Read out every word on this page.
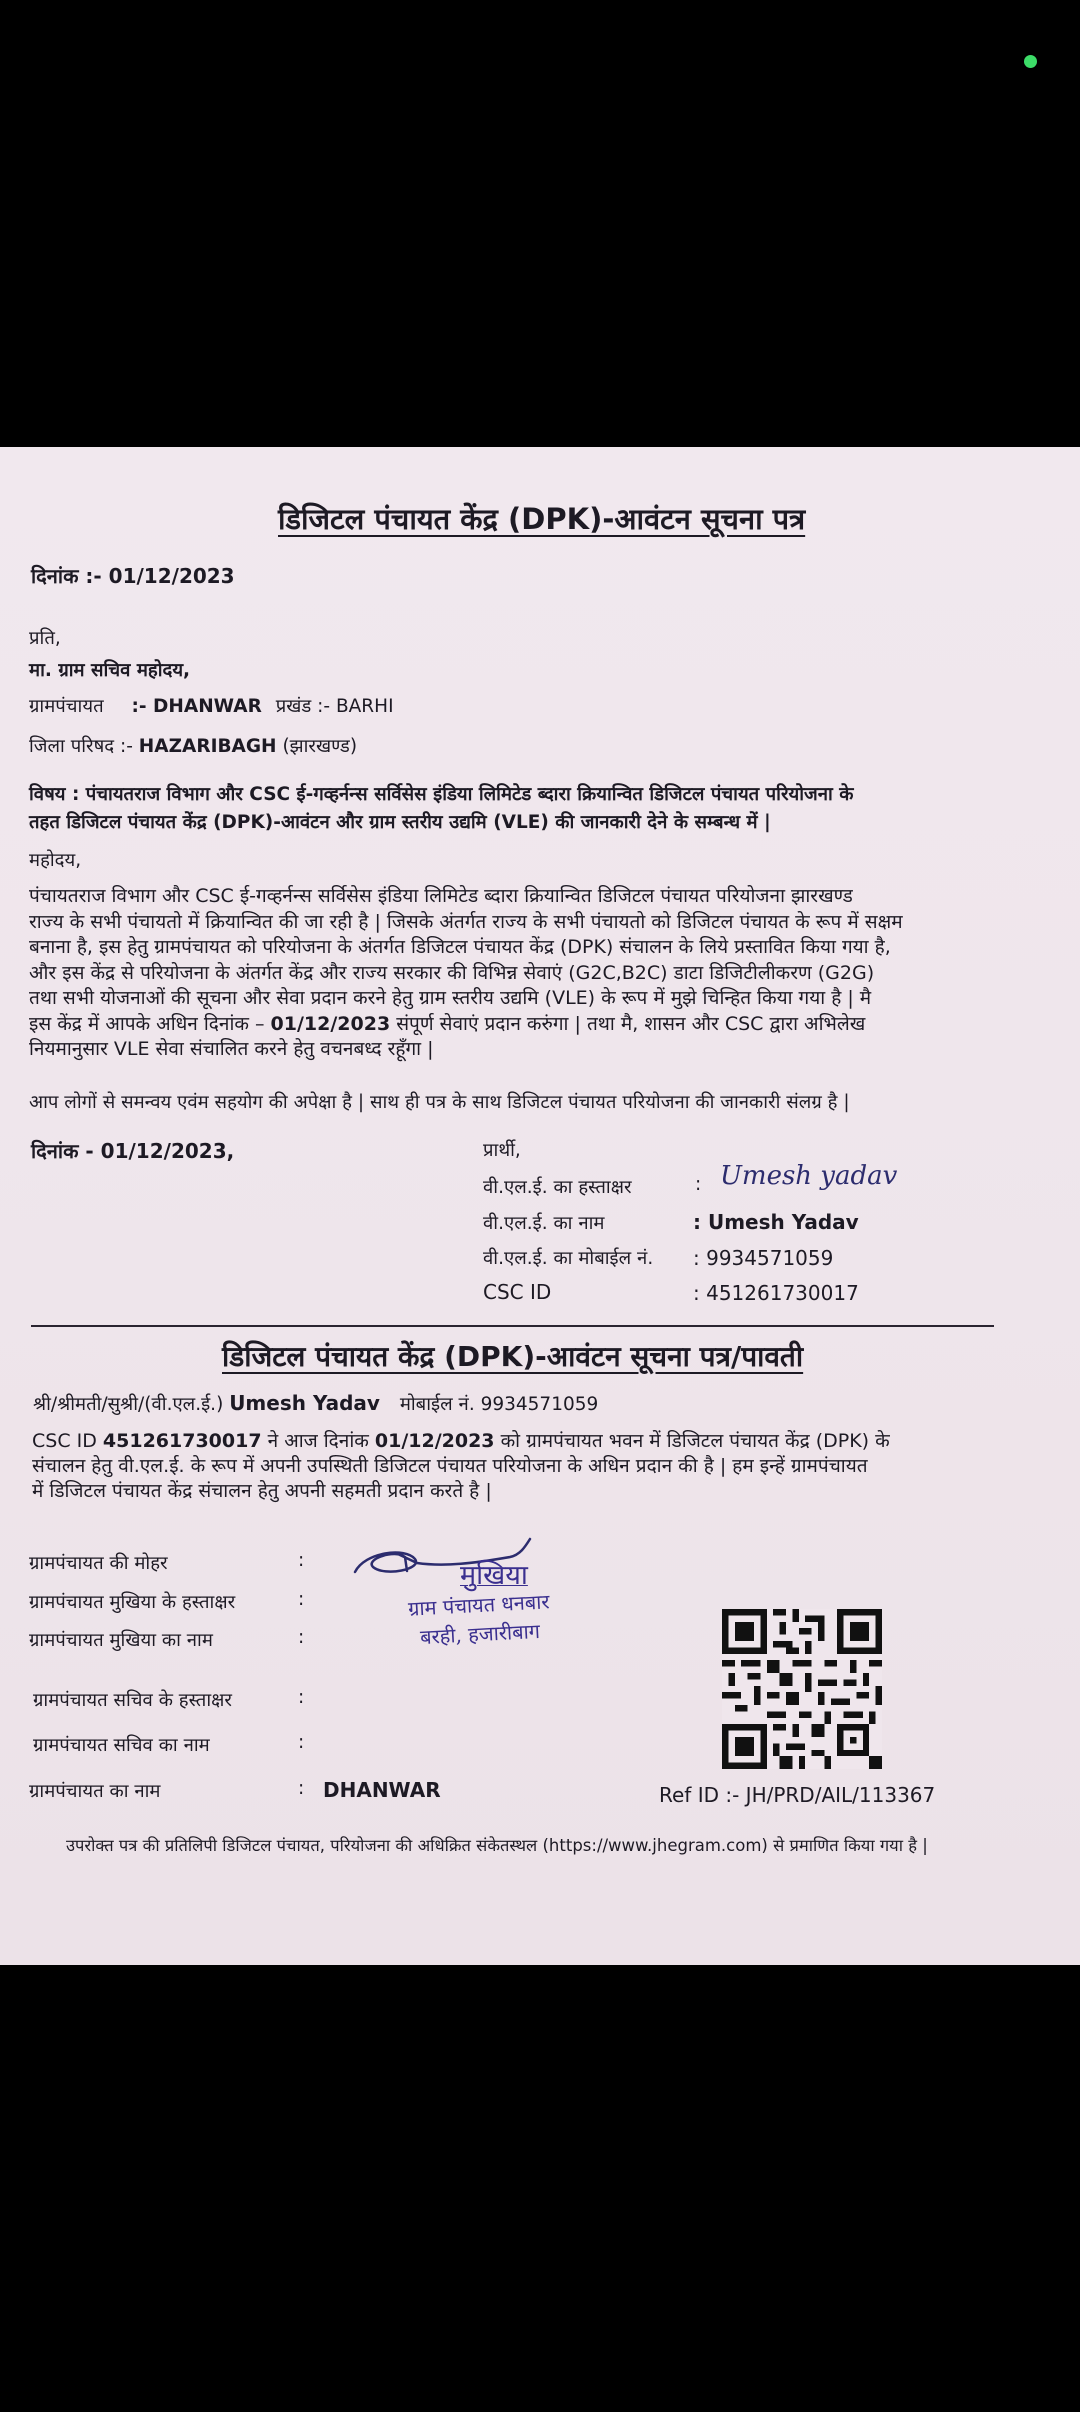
डिजिटल पंचायत केंद्र (DPK)-आवंटन सूचना पत्र
दिनांक :- 01/12/2023
प्रति,
मा. ग्राम सचिव महोदय,
ग्रामपंचायत :- DHANWAR प्रखंड :- BARHI
जिला परिषद :- HAZARIBAGH (झारखण्ड)
विषय : पंचायतराज विभाग और CSC ई-गव्हर्नन्स सर्विसेस इंडिया लिमिटेड ब्दारा क्रियान्वित डिजिटल पंचायत परियोजना के
तहत डिजिटल पंचायत केंद्र (DPK)-आवंटन और ग्राम स्तरीय उद्यमि (VLE) की जानकारी देने के सम्बन्ध में |
महोदय,
पंचायतराज विभाग और CSC ई-गव्हर्नन्स सर्विसेस इंडिया लिमिटेड ब्दारा क्रियान्वित डिजिटल पंचायत परियोजना झारखण्ड
राज्य के सभी पंचायतो में क्रियान्वित की जा रही है | जिसके अंतर्गत राज्य के सभी पंचायतो को डिजिटल पंचायत के रूप में सक्षम
बनाना है, इस हेतु ग्रामपंचायत को परियोजना के अंतर्गत डिजिटल पंचायत केंद्र (DPK) संचालन के लिये प्रस्तावित किया गया है,
और इस केंद्र से परियोजना के अंतर्गत केंद्र और राज्य सरकार की विभिन्न सेवाएं (G2C,B2C) डाटा डिजिटीलीकरण (G2G)
तथा सभी योजनाओं की सूचना और सेवा प्रदान करने हेतु ग्राम स्तरीय उद्यमि (VLE) के रूप में मुझे चिन्हित किया गया है | मै
इस केंद्र में आपके अधिन दिनांक – 01/12/2023 संपूर्ण सेवाएं प्रदान करुंगा | तथा मै, शासन और CSC द्वारा अभिलेख
नियमानुसार VLE सेवा संचालित करने हेतु वचनबध्द रहूँगा |
आप लोगों से समन्वय एवंम सहयोग की अपेक्षा है | साथ ही पत्र के साथ डिजिटल पंचायत परियोजना की जानकारी संलग्र है |
दिनांक - 01/12/2023,	प्रार्थी,
वी.एल.ई. का हस्ताक्षर	: Umesh yadav
वी.एल.ई. का नाम	: Umesh Yadav
वी.एल.ई. का मोबाईल नं. : 9934571059
CSC ID	: 451261730017
डिजिटल पंचायत केंद्र (DPK)-आवंटन सूचना पत्र/पावती
श्री/श्रीमती/सुश्री/(वी.एल.ई.) Umesh Yadav मोबाईल नं. 9934571059
CSC ID 451261730017 ने आज दिनांक 01/12/2023 को ग्रामपंचायत भवन में डिजिटल पंचायत केंद्र (DPK) के
संचालन हेतु वी.एल.ई. के रूप में अपनी उपस्थिती डिजिटल पंचायत परियोजना के अधिन प्रदान की है | हम इन्हें ग्रामपंचायत
में डिजिटल पंचायत केंद्र संचालन हेतु अपनी सहमती प्रदान करते है |
ग्रामपंचायत की मोहर	:
ग्रामपंचायत मुखिया के हस्ताक्षर	:
ग्रामपंचायत मुखिया का नाम	:
ग्रामपंचायत सचिव के हस्ताक्षर	:
ग्रामपंचायत सचिव का नाम	:
ग्रामपंचायत का नाम	: DHANWAR
मुखिया
ग्राम पंचायत धनबार
बरही, हजारीबाग
Ref ID :- JH/PRD/AIL/113367
उपरोक्त पत्र की प्रतिलिपी डिजिटल पंचायत, परियोजना की अधिक्रित संकेतस्थल (https://www.jhegram.com) से प्रमाणित किया गया है |
